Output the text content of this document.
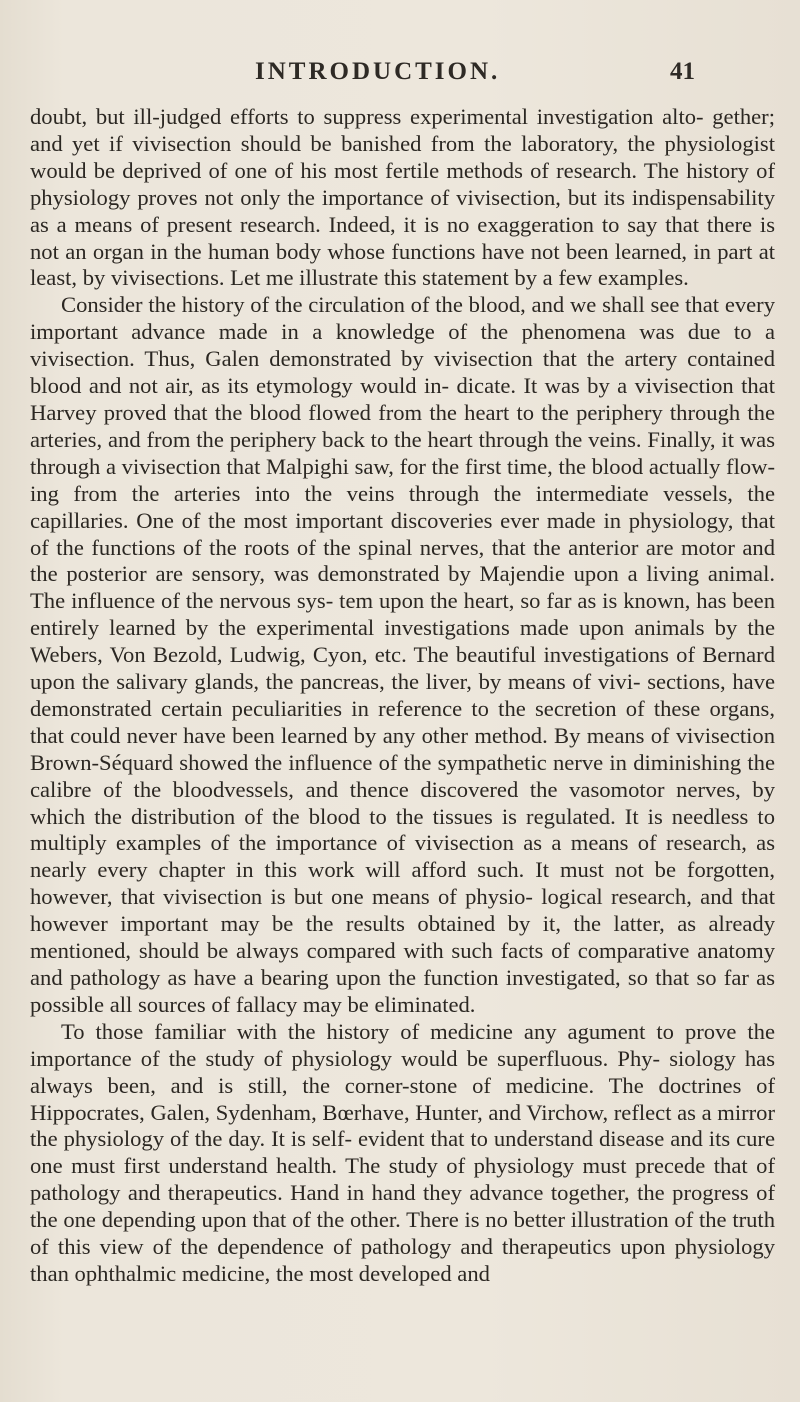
INTRODUCTION.	41

doubt, but ill-judged efforts to suppress experimental investigation alto- gether; and yet if vivisection should be banished from the laboratory, the physiologist would be deprived of one of his most fertile methods of research. The history of physiology proves not only the importance of vivisection, but its indispensability as a means of present research. Indeed, it is no exaggeration to say that there is not an organ in the human body whose functions have not been learned, in part at least, by vivisections. Let me illustrate this statement by a few examples.

Consider the history of the circulation of the blood, and we shall see that every important advance made in a knowledge of the phenomena was due to a vivisection. Thus, Galen demonstrated by vivisection that the artery contained blood and not air, as its etymology would in- dicate. It was by a vivisection that Harvey proved that the blood flowed from the heart to the periphery through the arteries, and from the periphery back to the heart through the veins. Finally, it was through a vivisection that Malpighi saw, for the first time, the blood actually flow- ing from the arteries into the veins through the intermediate vessels, the capillaries. One of the most important discoveries ever made in physiology, that of the functions of the roots of the spinal nerves, that the anterior are motor and the posterior are sensory, was demonstrated by Majendie upon a living animal. The influence of the nervous sys- tem upon the heart, so far as is known, has been entirely learned by the experimental investigations made upon animals by the Webers, Von Bezold, Ludwig, Cyon, etc. The beautiful investigations of Bernard upon the salivary glands, the pancreas, the liver, by means of vivi- sections, have demonstrated certain peculiarities in reference to the secretion of these organs, that could never have been learned by any other method. By means of vivisection Brown-Séquard showed the influence of the sympathetic nerve in diminishing the calibre of the bloodvessels, and thence discovered the vasomotor nerves, by which the distribution of the blood to the tissues is regulated. It is needless to multiply examples of the importance of vivisection as a means of research, as nearly every chapter in this work will afford such. It must not be forgotten, however, that vivisection is but one means of physio- logical research, and that however important may be the results obtained by it, the latter, as already mentioned, should be always compared with such facts of comparative anatomy and pathology as have a bearing upon the function investigated, so that so far as possible all sources of fallacy may be eliminated.

To those familiar with the history of medicine any agument to prove the importance of the study of physiology would be superfluous. Phy- siology has always been, and is still, the corner-stone of medicine. The doctrines of Hippocrates, Galen, Sydenham, Bœrhave, Hunter, and Virchow, reflect as a mirror the physiology of the day. It is self- evident that to understand disease and its cure one must first understand health. The study of physiology must precede that of pathology and therapeutics. Hand in hand they advance together, the progress of the one depending upon that of the other. There is no better illustration of the truth of this view of the dependence of pathology and therapeutics upon physiology than ophthalmic medicine, the most developed and
